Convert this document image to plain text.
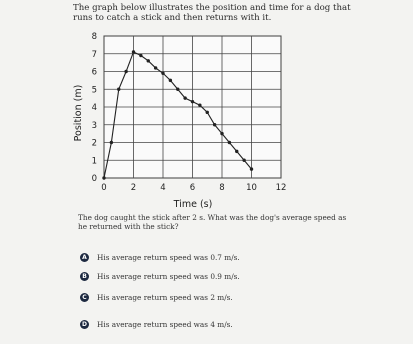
The graph below illustrates the position and time for a dog that runs to catch a stick and then returns with it.

0	2	4	6	8	10 12
0
1
2
3
4
5
6
7
8
Time (s)
Position (m)

The dog caught the stick after 2 s. What was the dog's average speed as he returned with the stick?

A His average return speed was 0.7 m/s.
B	His average return speed was 0.9 m/s.
C	His average return speed was 2 m/s.
D His average return speed was 4 m/s.
